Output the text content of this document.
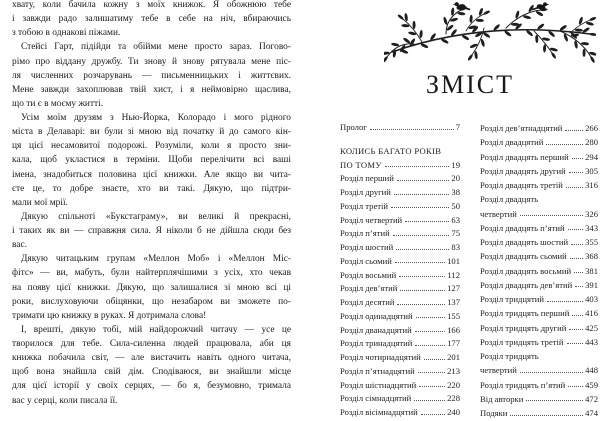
хвату, коли бачила кожну з моїх книжок. Я обожнюю тебе
і завжди радо залишатиму тебе в себе на ніч, вбираючись
з тобою в однакові піжами.
Стейсі Гарт, підійди та обійми мене просто зараз. Погово-
рімо про віддану дружбу. Ти знову й знову рятувала мене піс-
ля численних розчарувань — письменницьких і життєвих.
Мене завжди захоплював твій хист, і я неймовірно щаслива,
що ти є в моєму житті.
Усім моїм друзям з Нью-Йорка, Колорадо і мого рідного
міста в Делаварі: ви були зі мною від початку й до самого кін-
ця цієї несамовитої подорожі. Розуміли, коли я просто зни-
кала, щоб укластися в терміни. Щоби перелічити всі ваші
імена, знадобиться половина цієї книжки. Але якщо ви чита-
єте це, то добре знаєте, хто ви такі. Дякую, що підтри-
мали мої мрії.
Дякую спільноті «Букстаграму», ви великі й прекрасні,
і таких як ви — справжня сила. Я ніколи б не дійшла сюди без
вас.
Дякую читацьким групам «Меллон Моб» і «Меллон Міс-
фітс» — ви, мабуть, були найтерплячішими з усіх, хто чекав
на появу цієї книжки. Дякую, що залишалися зі мною всі ці
роки, вислуховуючи обіцянки, що незабаром ви зможете по-
тримати цю книжку в руках. Я дотримала слова!
І, врешті, дякую тобі, мій найдорожчий читачу — усе це
творилося для тебе. Сила-силенна людей працювала, аби ця
книжка побачила світ, — але вистачить навіть одного читача,
щоб вона знайшла свій дім. Сподіваюся, ви знайшли місце
для цієї історії у своїх серцях, — бо я, безумовно, тримала
вас у серці, коли писала її.
ЗМІСТ
Пролог	7
КОЛИСЬ БАГАТО РОКІВ
ПО ТОМУ	19
Розділ перший	20
Розділ другий	38
Розділ третій	50
Розділ четвертий	63
Розділ п’ятий	75
Розділ шостий	83
Розділ сьомий	101
Розділ восьмий	112
Розділ дев’ятий	127
Розділ десятий	137
Розділ одинадцятий	155
Розділ дванадцятий	166
Розділ тринадцятий	177
Розділ чотирнадцятий	201
Розділ п’ятнадцятий	213
Розділ шістнадцятий	220
Розділ сімнадцятий	228
Розділ вісімнадцятий	240
Розділ дев’ятнадцятий	266
Розділ двадцятий	280
Розділ двадцять перший 294
Розділ двадцять другий 305
Розділ двадцять третій	316
Розділ двадцять
четвертий	326
Розділ двадцять п’ятий 343
Розділ двадцять шостий 355
Розділ двадцять сьомий 368
Розділ двадцять восьмий 381
Розділ двадцять дев’ятий 391
Розділ тридцятий	403
Розділ тридцять перший 416
Розділ тридцять другий 425
Розділ тридцять третій	443
Розділ тридцять
четвертий	448
Розділ тридцять п’ятий 459
Від авторки	472
Подяки	474
